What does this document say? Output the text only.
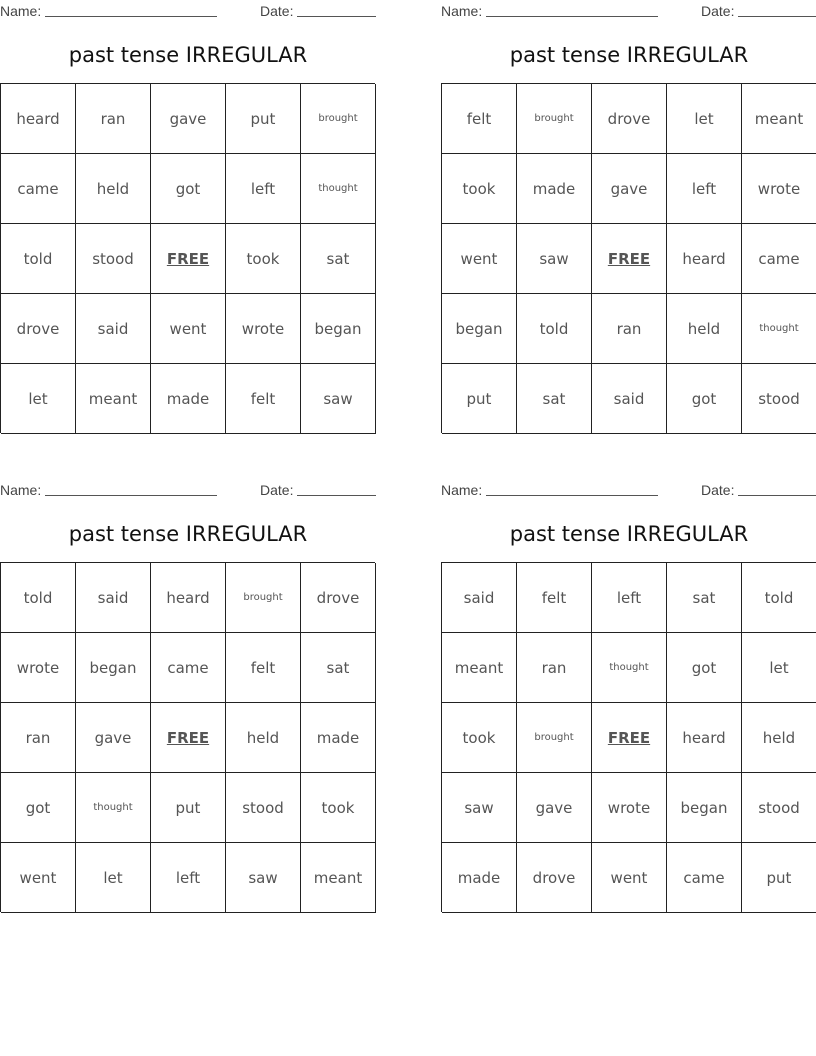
Name:	Date:
past tense IRREGULAR
heard	ran	gave	put	brought
came	held	got	left	thought
told	stood	FREE	took	sat
drove	said	went	wrote	began
let	meant	made	felt	saw
Name:	Date:
past tense IRREGULAR
felt	brought	drove	let	meant
took	made	gave	left	wrote
went	saw	FREE	heard	came
began	told	ran	held	thought
put	sat	said	got	stood
Name:	Date:
past tense IRREGULAR
told	said	heard	brought	drove
wrote	began	came	felt	sat
ran	gave	FREE	held	made
got	thought	put	stood	took
went	let	left	saw	meant
Name:	Date:
past tense IRREGULAR
said	felt	left	sat	told
meant	ran	thought	got	let
took	brought	FREE	heard	held
saw	gave	wrote	began	stood
made	drove	went	came	put
